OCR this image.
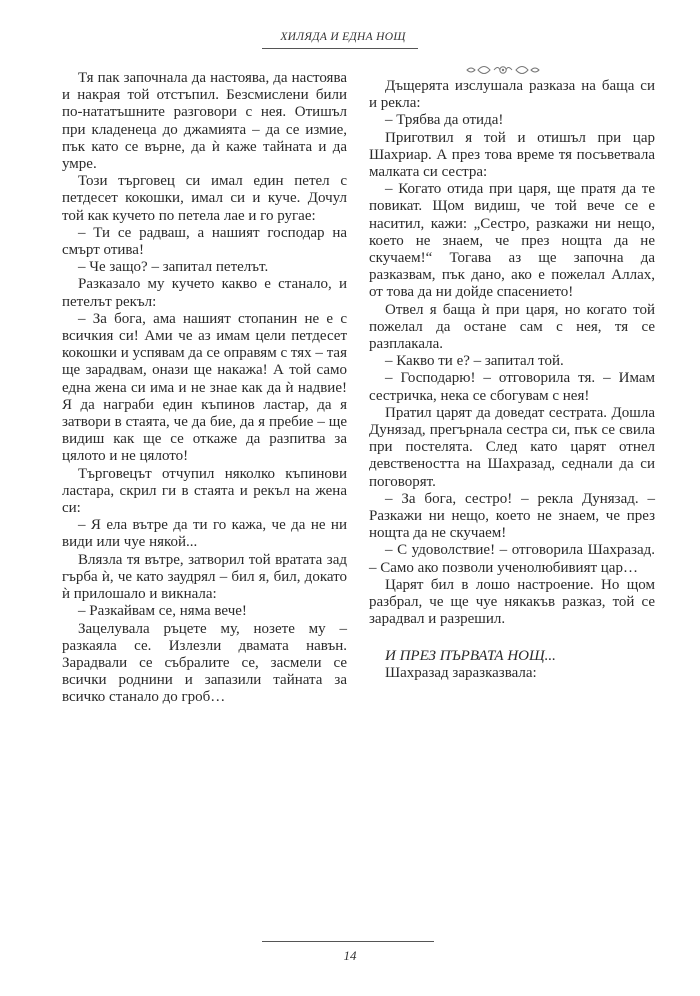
ХИЛЯДА И ЕДНА НОЩ

Тя пак започнала да настоява, да настоява и накрая той отстъпил. Безсмислени били по-нататъшните разговори с нея. Отишъл при кладенеца до джамията – да се измие, пък като се върне, да ѝ каже тайната и да умре.

Този търговец си имал един петел с петдесет кокошки, имал си и куче. Дочул той как кучето по петела лае и го ругае:

– Ти се радваш, а нашият господар на смърт отива!

– Че защо? – запитал петелът.

Разказало му кучето какво е станало, и петелът рекъл:

– За бога, ама нашият стопанин не е с всичкия си! Ами че аз имам цели петдесет кокошки и успявам да се оправям с тях – тая ще зарадвам, онази ще накажа! А той само една жена си има и не знае как да ѝ надвие! Я да награби един къпинов ластар, да я затвори в стаята, че да бие, да я пребие – ще видиш как ще се откаже да разпитва за цялото и не цялото!

Търговецът отчупил няколко къпинови ластара, скрил ги в стаята и рекъл на жена си:

– Я ела вътре да ти го кажа, че да не ни види или чуе някой...

Влязла тя вътре, затворил той вратата зад гърба ѝ, че като заудрял – бил я, бил, докато ѝ прилошало и викнала:

– Разкайвам се, няма вече!

Зацелувала ръцете му, нозете му – разкаяла се. Излезли двамата навън. Зарадвали се събралите се, засмели се всички роднини и запазили тайната за всичко станало до гроб…

Дъщерята изслушала разказа на баща си и рекла:

– Трябва да отида!

Приготвил я той и отишъл при цар Шахриар. А през това време тя посъветвала малката си сестра:

– Когато отида при царя, ще пратя да те повикат. Щом видиш, че той вече се е наситил, кажи: „Сестро, разкажи ни нещо, което не знаем, че през нощта да не скучаем!“ Тогава аз ще започна да разказвам, пък дано, ако е пожелал Аллах, от това да ни дойде спасението!

Отвел я баща ѝ при царя, но когато той пожелал да остане сам с нея, тя се разплакала.

– Какво ти е? – запитал той.

– Господарю! – отговорила тя. – Имам сестричка, нека се сбогувам с нея!

Пратил царят да доведат сестрата. Дошла Дунязад, прегърнала сестра си, пък се свила при постелята. След като царят отнел девствеността на Шахразад, седнали да си поговорят.

– За бога, сестро! – рекла Дунязад. – Разкажи ни нещо, което не знаем, че през нощта да не скучаем!

– С удоволствие! – отговорила Шахразад. – Само ако позволи ученолюбивият цар…

Царят бил в лошо настроение. Но щом разбрал, че ще чуе някакъв разказ, той се зарадвал и разрешил.

И ПРЕЗ ПЪРВАТА НОЩ...

Шахразад заразказвала:

14
